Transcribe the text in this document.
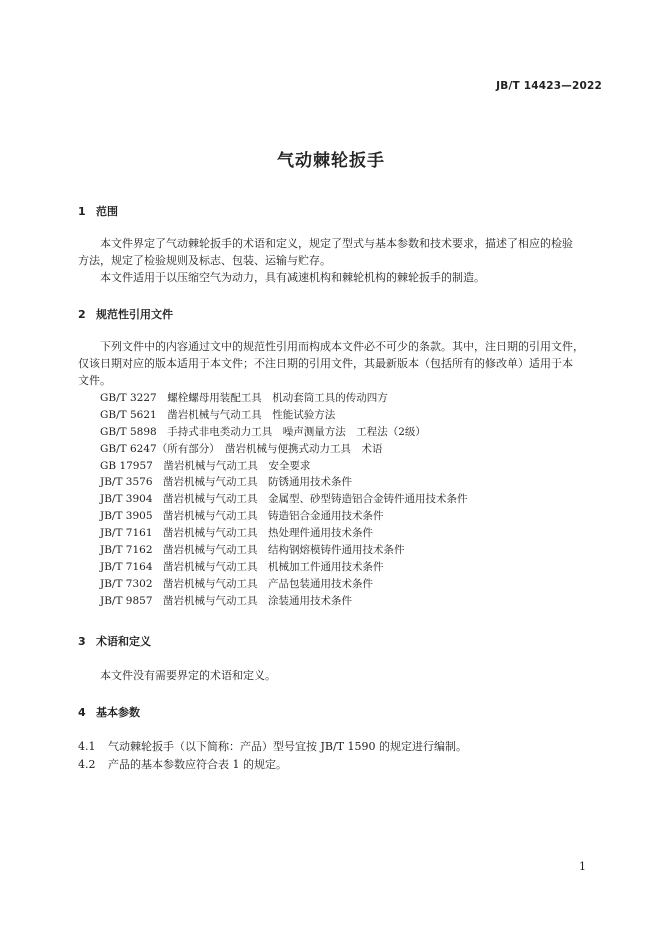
JB/T 14423—2022
气动棘轮扳手
1 范围
本文件界定了气动棘轮扳手的术语和定义，规定了型式与基本参数和技术要求，描述了相应的检验
方法，规定了检验规则及标志、包装、运输与贮存。
本文件适用于以压缩空气为动力，具有减速机构和棘轮机构的棘轮扳手的制造。
2 规范性引用文件
下列文件中的内容通过文中的规范性引用而构成本文件必不可少的条款。其中，注日期的引用文件，
仅该日期对应的版本适用于本文件；不注日期的引用文件，其最新版本（包括所有的修改单）适用于本
文件。
GB/T 3227　螺栓螺母用装配工具　机动套筒工具的传动四方
GB/T 5621　凿岩机械与气动工具　性能试验方法
GB/T 5898　手持式非电类动力工具　噪声测量方法　工程法（2级）
GB/T 6247（所有部分）　凿岩机械与便携式动力工具　术语
GB 17957　凿岩机械与气动工具　安全要求
JB/T 3576　凿岩机械与气动工具　防锈通用技术条件
JB/T 3904　凿岩机械与气动工具　金属型、砂型铸造铝合金铸件通用技术条件
JB/T 3905　凿岩机械与气动工具　铸造铝合金通用技术条件
JB/T 7161　凿岩机械与气动工具　热处理件通用技术条件
JB/T 7162　凿岩机械与气动工具　结构钢熔模铸件通用技术条件
JB/T 7164　凿岩机械与气动工具　机械加工件通用技术条件
JB/T 7302　凿岩机械与气动工具　产品包装通用技术条件
JB/T 9857　凿岩机械与气动工具　涂装通用技术条件
3 术语和定义
本文件没有需要界定的术语和定义。
4 基本参数
4.1 气动棘轮扳手（以下简称：产品）型号宜按 JB/T 1590 的规定进行编制。
4.2 产品的基本参数应符合表 1 的规定。
1
